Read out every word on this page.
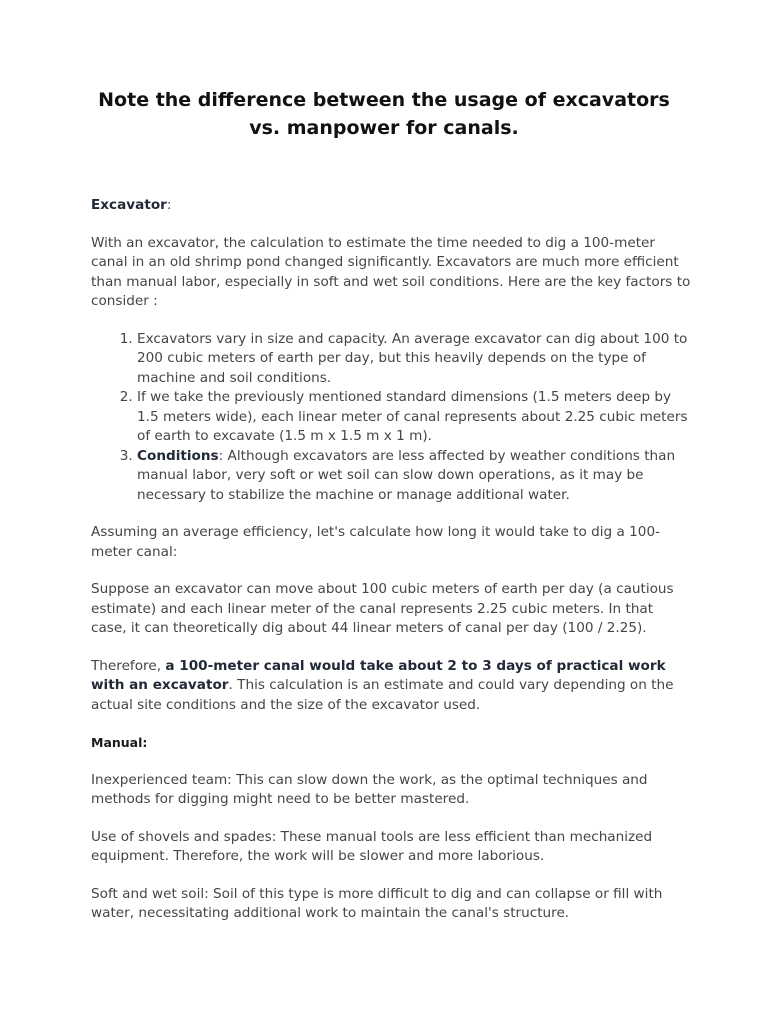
Note the difference between the usage of excavators vs. manpower for canals.

Excavator:

With an excavator, the calculation to estimate the time needed to dig a 100-meter canal in an old shrimp pond changed significantly. Excavators are much more efficient than manual labor, especially in soft and wet soil conditions. Here are the key factors to consider :

1. Excavators vary in size and capacity. An average excavator can dig about 100 to 200 cubic meters of earth per day, but this heavily depends on the type of machine and soil conditions.
2. If we take the previously mentioned standard dimensions (1.5 meters deep by 1.5 meters wide), each linear meter of canal represents about 2.25 cubic meters of earth to excavate (1.5 m x 1.5 m x 1 m).
3. Conditions: Although excavators are less affected by weather conditions than manual labor, very soft or wet soil can slow down operations, as it may be necessary to stabilize the machine or manage additional water.

Assuming an average efficiency, let's calculate how long it would take to dig a 100-meter canal:

Suppose an excavator can move about 100 cubic meters of earth per day (a cautious estimate) and each linear meter of the canal represents 2.25 cubic meters. In that case, it can theoretically dig about 44 linear meters of canal per day (100 / 2.25).

Therefore, a 100-meter canal would take about 2 to 3 days of practical work with an excavator. This calculation is an estimate and could vary depending on the actual site conditions and the size of the excavator used.

Manual:

Inexperienced team: This can slow down the work, as the optimal techniques and methods for digging might need to be better mastered.

Use of shovels and spades: These manual tools are less efficient than mechanized equipment. Therefore, the work will be slower and more laborious.

Soft and wet soil: Soil of this type is more difficult to dig and can collapse or fill with water, necessitating additional work to maintain the canal's structure.
